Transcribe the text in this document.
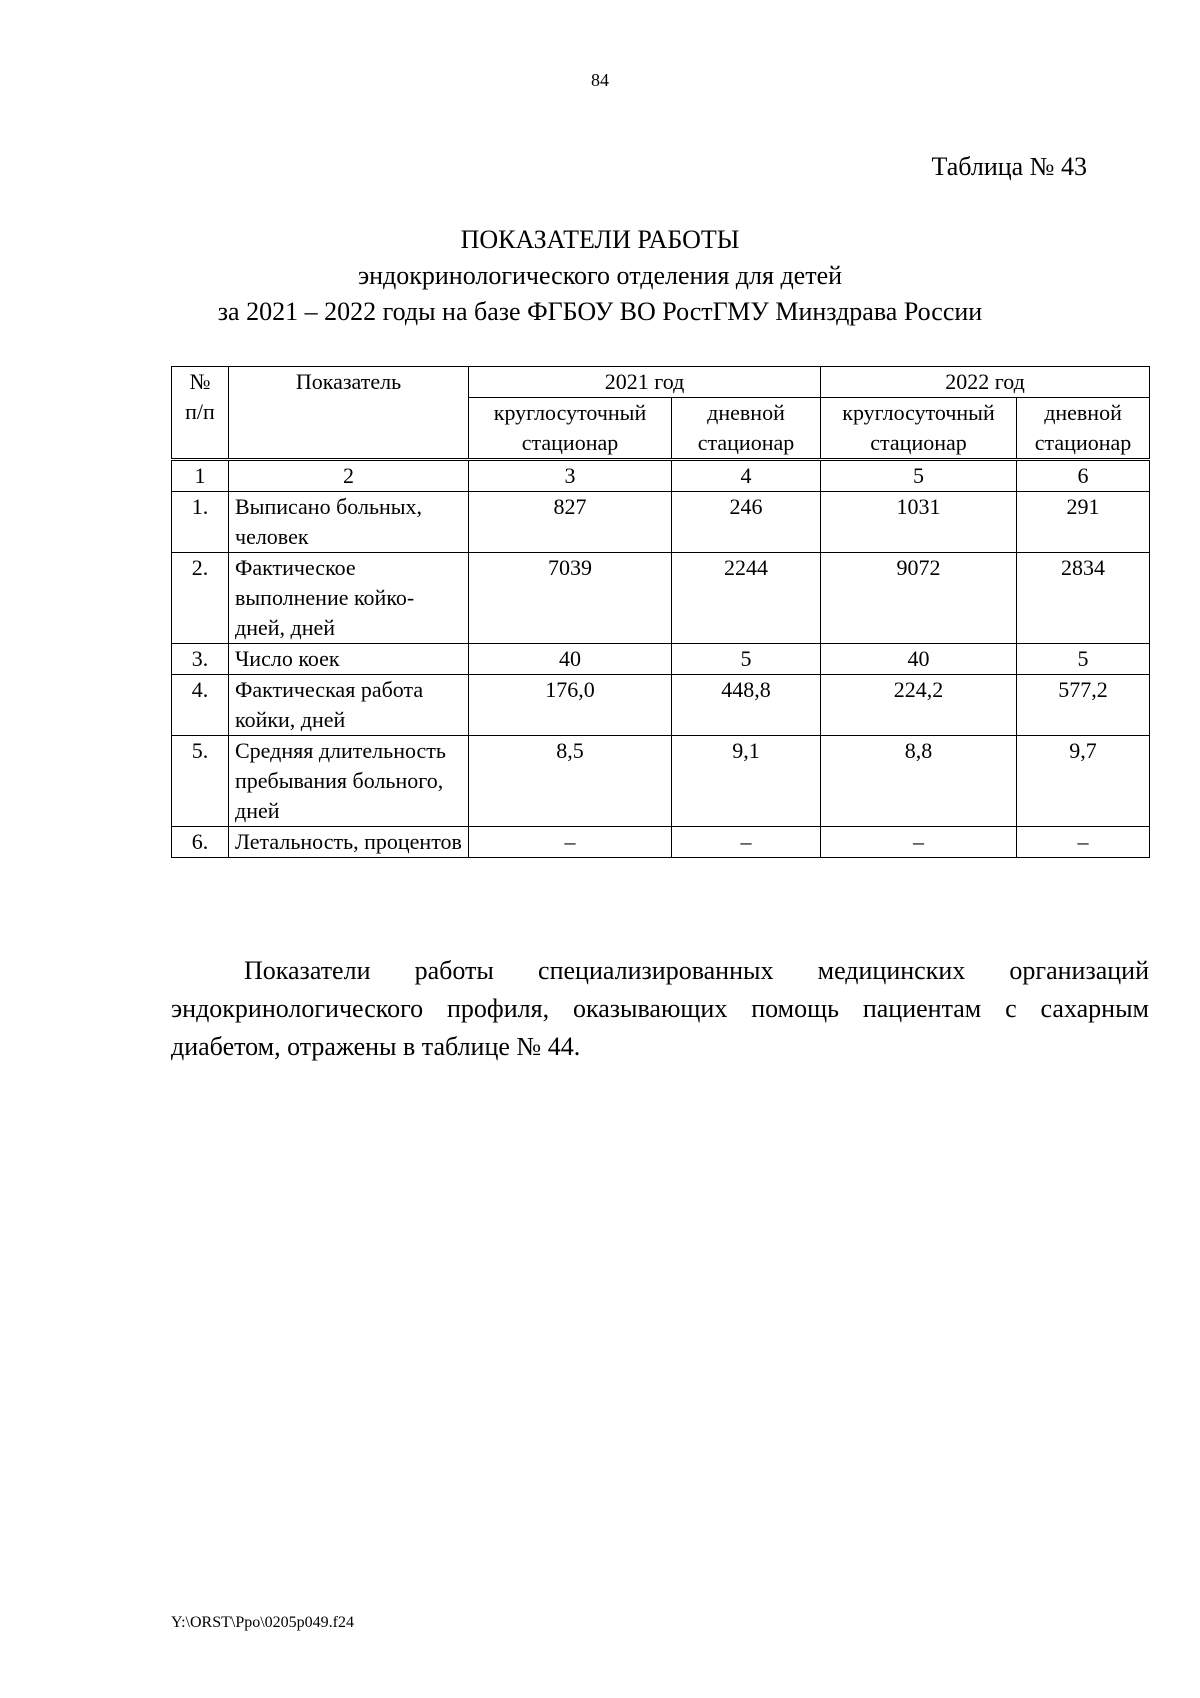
84
Таблица № 43
ПОКАЗАТЕЛИ РАБОТЫ
эндокринологического отделения для детей
за 2021 – 2022 годы на базе ФГБОУ ВО РостГМУ Минздрава России
№ п/п	Показатель	2021 год		2022 год	
		круглосуточный стационар	дневной стационар	круглосуточный стационар	дневной стационар
1	2	3	4	5	6
1.	Выписано больных, человек	827	246	1031	291
2.	Фактическое выполнение койко-дней, дней	7039	2244	9072	2834
3.	Число коек	40	5	40	5
4.	Фактическая работа койки, дней	176,0	448,8	224,2	577,2
5.	Средняя длительность пребывания больного, дней	8,5	9,1	8,8	9,7
6.	Летальность, процентов	–	–	–	–
Показатели работы специализированных медицинских организаций эндокринологического профиля, оказывающих помощь пациентам с сахарным диабетом, отражены в таблице № 44.
Y:\ORST\Ppo\0205p049.f24
